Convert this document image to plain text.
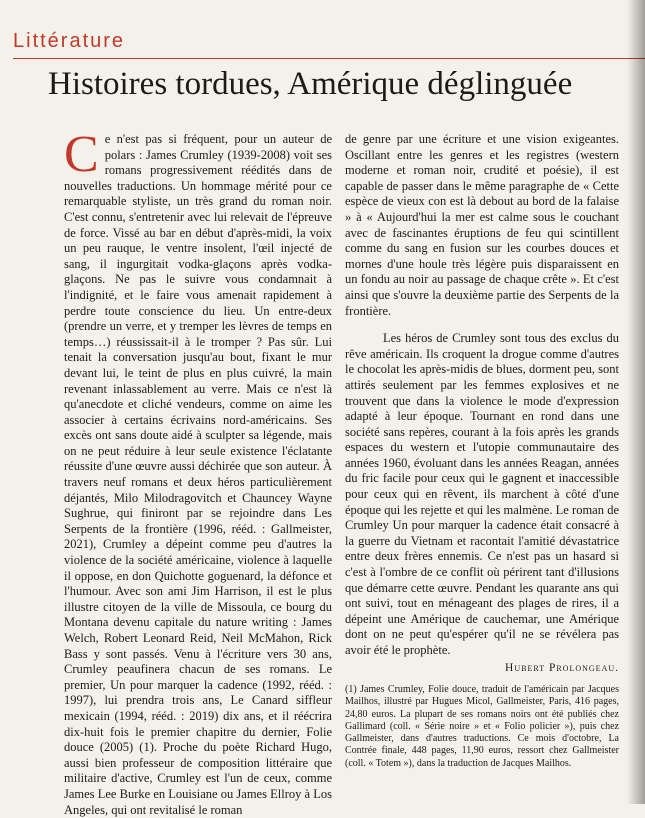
Littérature
Histoires tordues, Amérique déglinguée

Ce n'est pas si fréquent, pour un auteur de polars : James Crumley (1939-2008) voit ses romans progressivement réédités dans de nouvelles traductions. Un hommage mérité pour ce remarquable styliste, un très grand du roman noir. C'est connu, s'entretenir avec lui relevait de l'épreuve de force. Vissé au bar en début d'après-midi, la voix un peu rauque, le ventre insolent, l'œil injecté de sang, il ingurgitait vodka-glaçons après vodka-glaçons. Ne pas le suivre vous condamnait à l'indignité, et le faire vous amenait rapidement à perdre toute conscience du lieu. Un entre-deux (prendre un verre, et y tremper les lèvres de temps en temps…) réussissait-il à le tromper ? Pas sûr. Lui tenait la conversation jusqu'au bout, fixant le mur devant lui, le teint de plus en plus cuivré, la main revenant inlassablement au verre. Mais ce n'est là qu'anecdote et cliché vendeurs, comme on aime les associer à certains écrivains nord-américains. Ses excès ont sans doute aidé à sculpter sa légende, mais on ne peut réduire à leur seule existence l'éclatante réussite d'une œuvre aussi déchirée que son auteur. À travers neuf romans et deux héros particulièrement déjantés, Milo Milodragovitch et Chauncey Wayne Sughrue, qui finiront par se rejoindre dans Les Serpents de la frontière (1996, rééd. : Gallmeister, 2021), Crumley a dépeint comme peu d'autres la violence de la société américaine, violence à laquelle il oppose, en don Quichotte goguenard, la défonce et l'humour. Avec son ami Jim Harrison, il est le plus illustre citoyen de la ville de Missoula, ce bourg du Montana devenu capitale du nature writing : James Welch, Robert Leonard Reid, Neil McMahon, Rick Bass y sont passés. Venu à l'écriture vers 30 ans, Crumley peaufinera chacun de ses romans. Le premier, Un pour marquer la cadence (1992, rééd. : 1997), lui prendra trois ans, Le Canard siffleur mexicain (1994, rééd. : 2019) dix ans, et il réécrira dix-huit fois le premier chapitre du dernier, Folie douce (2005) (1). Proche du poète Richard Hugo, aussi bien professeur de composition littéraire que militaire d'active, Crumley est l'un de ceux, comme James Lee Burke en Louisiane ou James Ellroy à Los Angeles, qui ont revitalisé le roman

de genre par une écriture et une vision exigeantes. Oscillant entre les genres et les registres (western moderne et roman noir, crudité et poésie), il est capable de passer dans le même paragraphe de « Cette espèce de vieux con est là debout au bord de la falaise » à « Aujourd'hui la mer est calme sous le couchant avec de fascinantes éruptions de feu qui scintillent comme du sang en fusion sur les courbes douces et mornes d'une houle très légère puis disparaissent en un fondu au noir au passage de chaque crête ». Et c'est ainsi que s'ouvre la deuxième partie des Serpents de la frontière.

Les héros de Crumley sont tous des exclus du rêve américain. Ils croquent la drogue comme d'autres le chocolat les après-midis de blues, dorment peu, sont attirés seulement par les femmes explosives et ne trouvent que dans la violence le mode d'expression adapté à leur époque. Tournant en rond dans une société sans repères, courant à la fois après les grands espaces du western et l'utopie communautaire des années 1960, évoluant dans les années Reagan, années du fric facile pour ceux qui le gagnent et inaccessible pour ceux qui en rêvent, ils marchent à côté d'une époque qui les rejette et qui les malmène. Le roman de Crumley Un pour marquer la cadence était consacré à la guerre du Vietnam et racontait l'amitié dévastatrice entre deux frères ennemis. Ce n'est pas un hasard si c'est à l'ombre de ce conflit où périrent tant d'illusions que démarre cette œuvre. Pendant les quarante ans qui ont suivi, tout en ménageant des plages de rires, il a dépeint une Amérique de cauchemar, une Amérique dont on ne peut qu'espérer qu'il ne se révélera pas avoir été le prophète.

Hubert Prolongeau.
(1) James Crumley, Folie douce, traduit de l'américain par Jacques Mailhos, illustré par Hugues Micol, Gallmeister, Paris, 416 pages, 24,80 euros. La plupart de ses romans noirs ont été publiés chez Gallimard (coll. « Série noire » et « Folio policier »), puis chez Gallmeister, dans d'autres traductions. Ce mois d'octobre, La Contrée finale, 448 pages, 11,90 euros, ressort chez Gallmeister (coll. « Totem »), dans la traduction de Jacques Mailhos.
